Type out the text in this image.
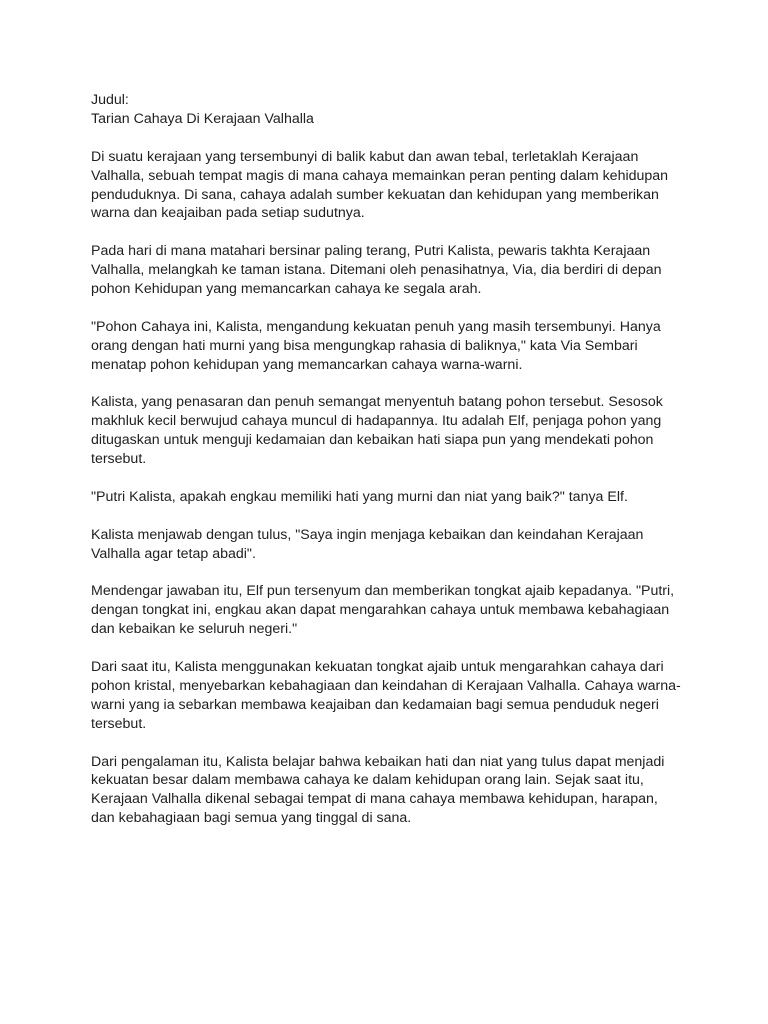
Judul:
Tarian Cahaya Di Kerajaan Valhalla

Di suatu kerajaan yang tersembunyi di balik kabut dan awan tebal, terletaklah Kerajaan Valhalla, sebuah tempat magis di mana cahaya memainkan peran penting dalam kehidupan penduduknya. Di sana, cahaya adalah sumber kekuatan dan kehidupan yang memberikan warna dan keajaiban pada setiap sudutnya.

Pada hari di mana matahari bersinar paling terang, Putri Kalista, pewaris takhta Kerajaan Valhalla, melangkah ke taman istana. Ditemani oleh penasihatnya, Via, dia berdiri di depan pohon Kehidupan yang memancarkan cahaya ke segala arah.

"Pohon Cahaya ini, Kalista, mengandung kekuatan penuh yang masih tersembunyi. Hanya orang dengan hati murni yang bisa mengungkap rahasia di baliknya," kata Via Sembari menatap pohon kehidupan yang memancarkan cahaya warna-warni.

Kalista, yang penasaran dan penuh semangat menyentuh batang pohon tersebut. Sesosok makhluk kecil berwujud cahaya muncul di hadapannya. Itu adalah Elf, penjaga pohon yang ditugaskan untuk menguji kedamaian dan kebaikan hati siapa pun yang mendekati pohon tersebut.

"Putri Kalista, apakah engkau memiliki hati yang murni dan niat yang baik?" tanya Elf.

Kalista menjawab dengan tulus, "Saya ingin menjaga kebaikan dan keindahan Kerajaan Valhalla agar tetap abadi".

Mendengar jawaban itu, Elf pun tersenyum dan memberikan tongkat ajaib kepadanya. "Putri, dengan tongkat ini, engkau akan dapat mengarahkan cahaya untuk membawa kebahagiaan dan kebaikan ke seluruh negeri."

Dari saat itu, Kalista menggunakan kekuatan tongkat ajaib untuk mengarahkan cahaya dari pohon kristal, menyebarkan kebahagiaan dan keindahan di Kerajaan Valhalla. Cahaya warna-warni yang ia sebarkan membawa keajaiban dan kedamaian bagi semua penduduk negeri tersebut.

Dari pengalaman itu, Kalista belajar bahwa kebaikan hati dan niat yang tulus dapat menjadi kekuatan besar dalam membawa cahaya ke dalam kehidupan orang lain. Sejak saat itu, Kerajaan Valhalla dikenal sebagai tempat di mana cahaya membawa kehidupan, harapan, dan kebahagiaan bagi semua yang tinggal di sana.
